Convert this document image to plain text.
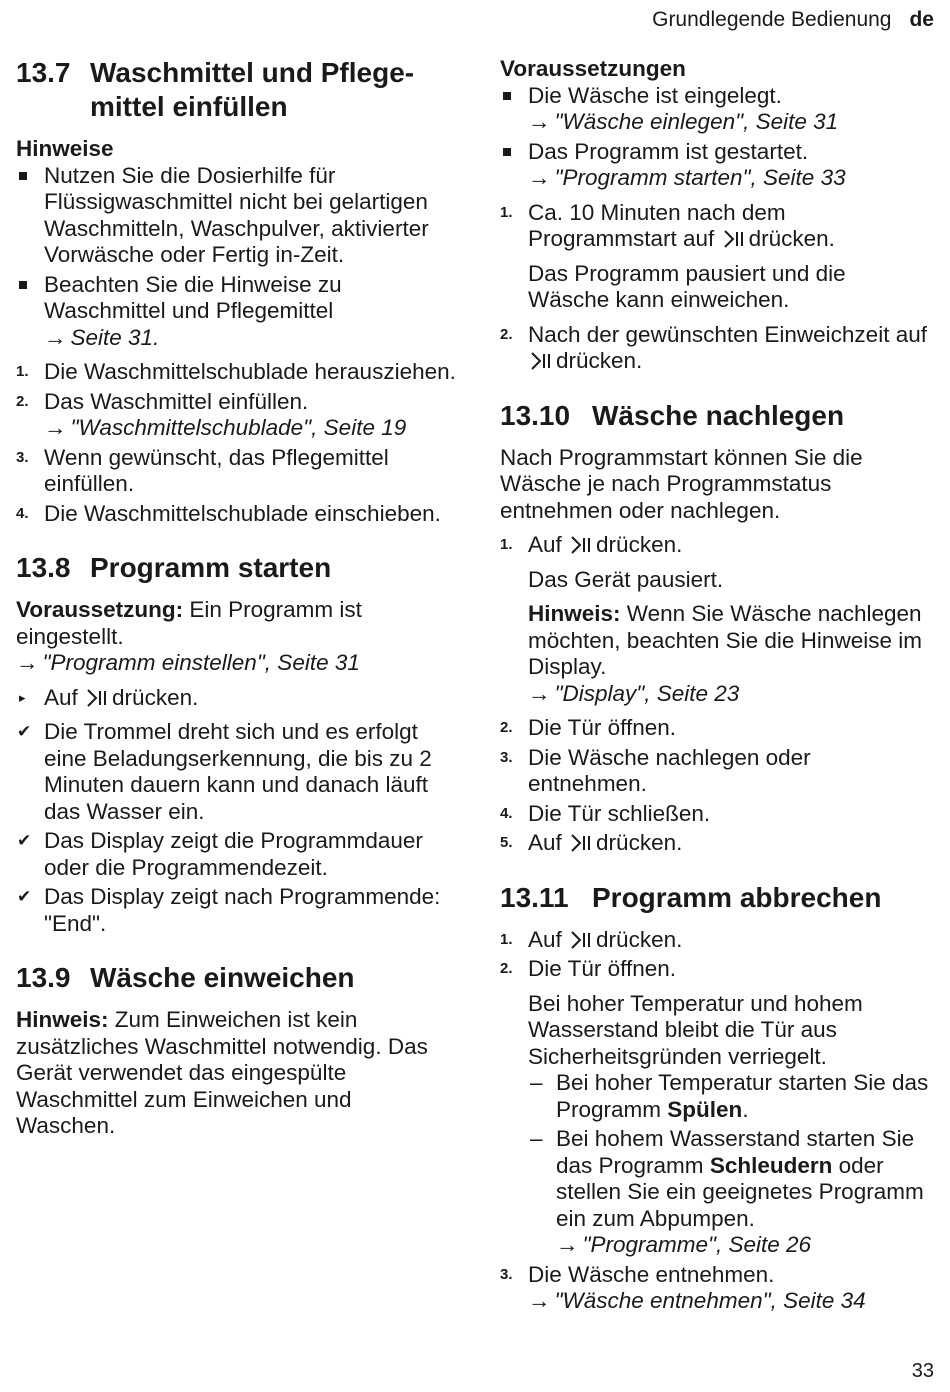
Grundlegende Bedienung de
13.7 Waschmittel und Pflege-mittel einfüllen
Hinweise
Nutzen Sie die Dosierhilfe für Flüssigwaschmittel nicht bei gelartigen Waschmitteln, Waschpulver, aktivierter Vorwäsche oder Fertig in-Zeit.
Beachten Sie die Hinweise zu Waschmittel und Pflegemittel
→ Seite 31.
1. Die Waschmittelschublade herausziehen.
2. Das Waschmittel einfüllen.
→ "Waschmittelschublade", Seite 19
3. Wenn gewünscht, das Pflegemittel einfüllen.
4. Die Waschmittelschublade einschieben.
13.8 Programm starten

Voraussetzung: Ein Programm ist eingestellt.
→ "Programm einstellen", Seite 31

▸ Auf drücken.
✔ Die Trommel dreht sich und es erfolgt eine Beladungserkennung, die bis zu 2 Minuten dauern kann und danach läuft das Wasser ein.
✔ Das Display zeigt die Programmdauer oder die Programmendezeit.
✔ Das Display zeigt nach Programmende: "End".
13.9 Wäsche einweichen

Hinweis: Zum Einweichen ist kein zusätzliches Waschmittel notwendig. Das Gerät verwendet das eingespülte Waschmittel zum Einweichen und Waschen.

Voraussetzungen
Die Wäsche ist eingelegt.
→ "Wäsche einlegen", Seite 31
Das Programm ist gestartet.
→ "Programm starten", Seite 33
1. Ca. 10 Minuten nach dem Programmstart auf drücken.
Das Programm pausiert und die Wäsche kann einweichen.
2. Nach der gewünschten Einweichzeit auf drücken.
13.10 Wäsche nachlegen

Nach Programmstart können Sie die Wäsche je nach Programmstatus entnehmen oder nachlegen.

1. Auf drücken.
Das Gerät pausiert.
Hinweis: Wenn Sie Wäsche nachlegen möchten, beachten Sie die Hinweise im Display.
→ "Display", Seite 23
2. Die Tür öffnen.
3. Die Wäsche nachlegen oder entnehmen.
4. Die Tür schließen.
5. Auf drücken.
13.11 Programm abbrechen
1. Auf drücken.
2. Die Tür öffnen.
Bei hoher Temperatur und hohem Wasserstand bleibt die Tür aus Sicherheitsgründen verriegelt.
– Bei hoher Temperatur starten Sie das Programm Spülen.
– Bei hohem Wasserstand starten Sie das Programm Schleudern oder stellen Sie ein geeignetes Programm ein zum Abpumpen.
→ "Programme", Seite 26
3. Die Wäsche entnehmen.
→ "Wäsche entnehmen", Seite 34
33
